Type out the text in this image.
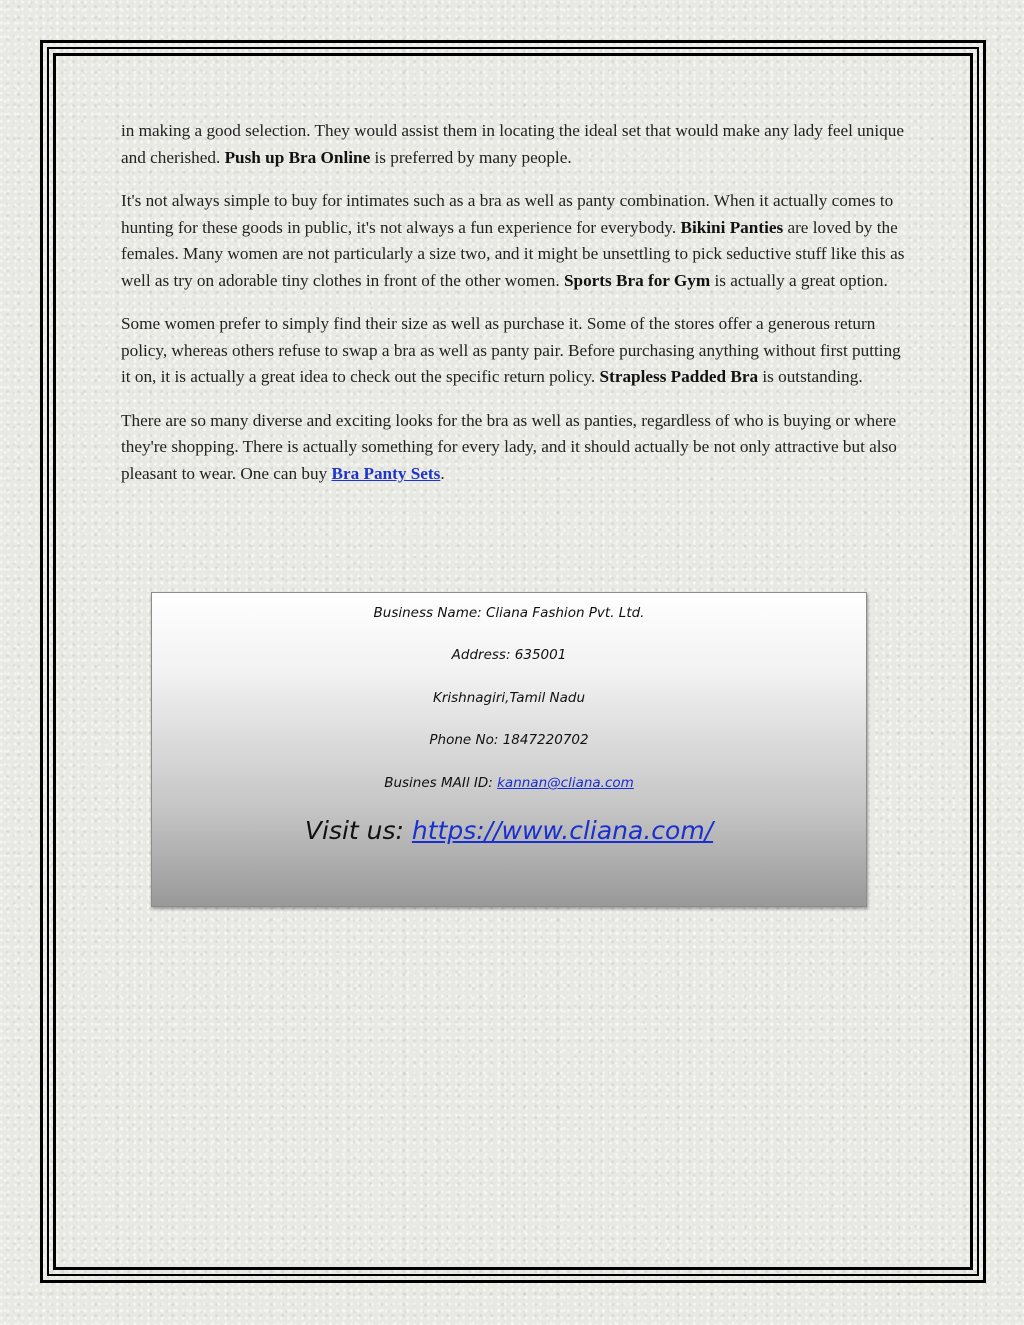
in making a good selection. They would assist them in locating the ideal set that would make any lady feel unique and cherished. Push up Bra Online is preferred by many people.

It's not always simple to buy for intimates such as a bra as well as panty combination. When it actually comes to hunting for these goods in public, it's not always a fun experience for everybody. Bikini Panties are loved by the females. Many women are not particularly a size two, and it might be unsettling to pick seductive stuff like this as well as try on adorable tiny clothes in front of the other women. Sports Bra for Gym is actually a great option.

Some women prefer to simply find their size as well as purchase it. Some of the stores offer a generous return policy, whereas others refuse to swap a bra as well as panty pair. Before purchasing anything without first putting it on, it is actually a great idea to check out the specific return policy. Strapless Padded Bra is outstanding.

There are so many diverse and exciting looks for the bra as well as panties, regardless of who is buying or where they're shopping. There is actually something for every lady, and it should actually be not only attractive but also pleasant to wear. One can buy Bra Panty Sets.

Business Name: Cliana Fashion Pvt. Ltd.
Address: 635001
Krishnagiri,Tamil Nadu
Phone No: 1847220702
Busines MAIl ID: kannan@cliana.com
Visit us: https://www.cliana.com/
